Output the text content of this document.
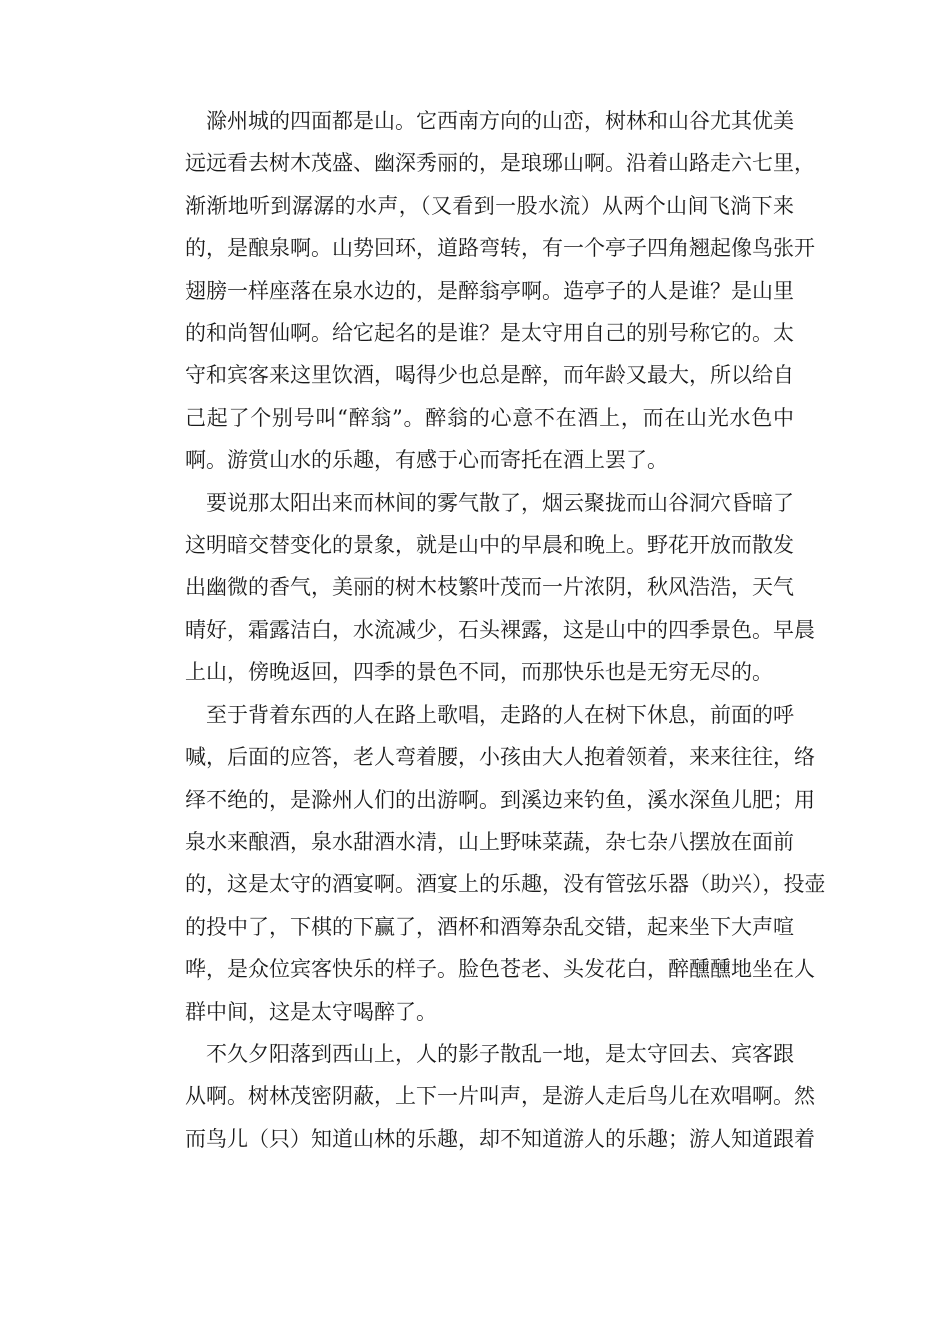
滁州城的四面都是山。它西南方向的山峦，树林和山谷尤其优美
远远看去树木茂盛、幽深秀丽的，是琅琊山啊。沿着山路走六七里，
渐渐地听到潺潺的水声，（又看到一股水流）从两个山间飞淌下来
的，是酿泉啊。山势回环，道路弯转，有一个亭子四角翘起像鸟张开
翅膀一样座落在泉水边的，是醉翁亭啊。造亭子的人是谁？是山里
的和尚智仙啊。给它起名的是谁？是太守用自己的别号称它的。太
守和宾客来这里饮酒，喝得少也总是醉，而年龄又最大，所以给自
己起了个别号叫“醉翁”。醉翁的心意不在酒上，而在山光水色中
啊。游赏山水的乐趣，有感于心而寄托在酒上罢了。
要说那太阳出来而林间的雾气散了，烟云聚拢而山谷洞穴昏暗了
这明暗交替变化的景象，就是山中的早晨和晚上。野花开放而散发
出幽微的香气，美丽的树木枝繁叶茂而一片浓阴，秋风浩浩，天气
晴好，霜露洁白，水流减少，石头裸露，这是山中的四季景色。早晨
上山，傍晚返回，四季的景色不同，而那快乐也是无穷无尽的。
至于背着东西的人在路上歌唱，走路的人在树下休息，前面的呼
喊，后面的应答，老人弯着腰，小孩由大人抱着领着，来来往往，络
绎不绝的，是滁州人们的出游啊。到溪边来钓鱼，溪水深鱼儿肥；用
泉水来酿酒，泉水甜酒水清，山上野味菜蔬，杂七杂八摆放在面前
的，这是太守的酒宴啊。酒宴上的乐趣，没有管弦乐器（助兴），投壶
的投中了，下棋的下赢了，酒杯和酒筹杂乱交错，起来坐下大声喧
哗，是众位宾客快乐的样子。脸色苍老、头发花白，醉醺醺地坐在人
群中间，这是太守喝醉了。
不久夕阳落到西山上，人的影子散乱一地，是太守回去、宾客跟
从啊。树林茂密阴蔽，上下一片叫声，是游人走后鸟儿在欢唱啊。然
而鸟儿（只）知道山林的乐趣，却不知道游人的乐趣；游人知道跟着
